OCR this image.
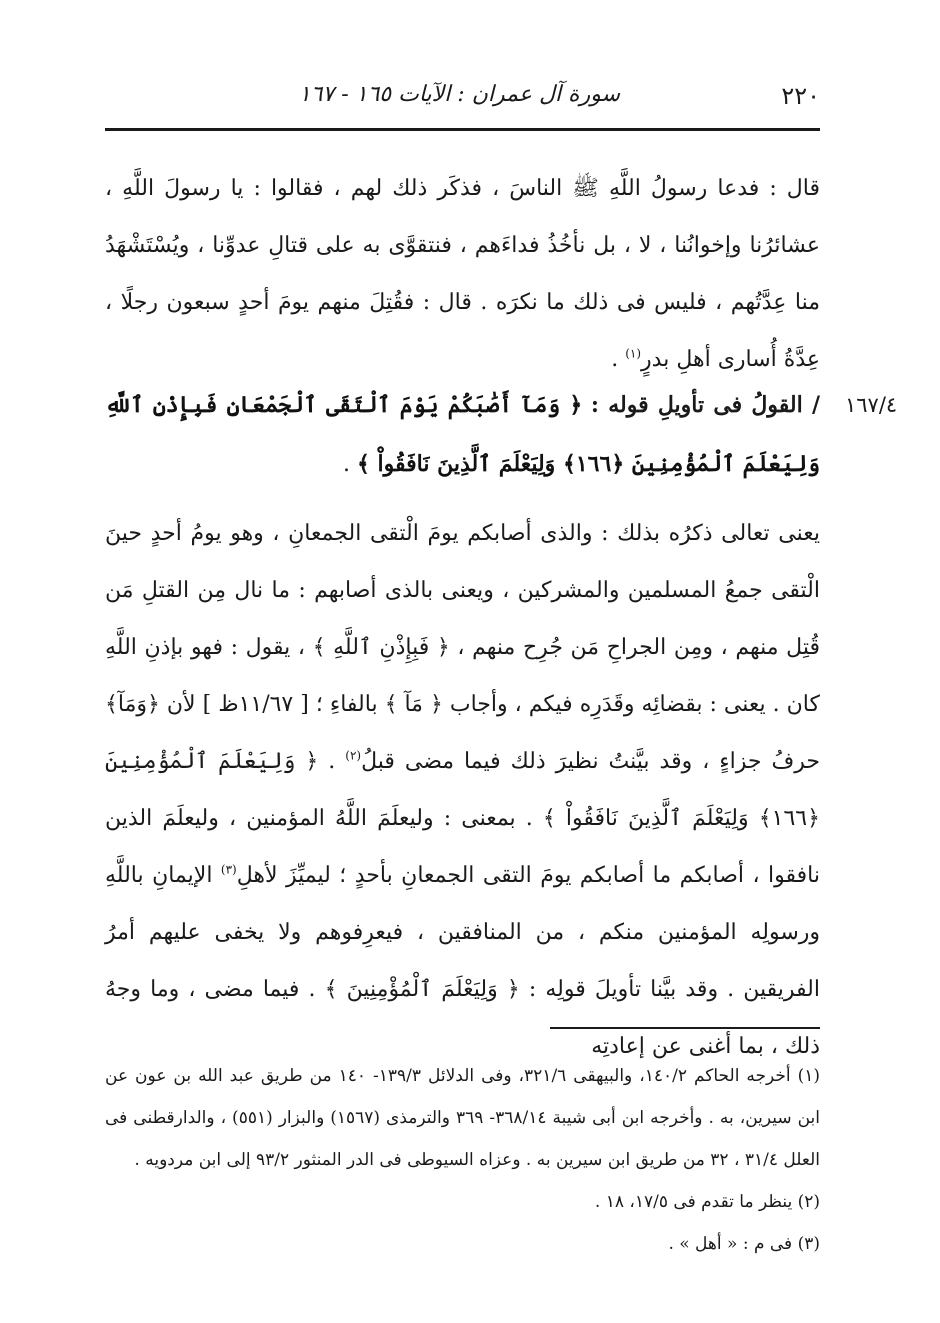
٢٢٠
سورة آل عمران : الآيات ١٦٥ - ١٦٧
قال : فدعا رسولُ اللَّهِ ﷺ الناسَ ، فذكَر ذلك لهم ، فقالوا : يا رسولَ اللَّهِ ، عشائرُنا وإخوانُنا ، لا ، بل نأخُذُ فداءَهم ، فنتقوَّى به على قتالِ عدوِّنا ، ويُسْتَشْهَدُ منا عِدَّتُهم ، فليس فى ذلك ما نكرَه . قال : فقُتِلَ منهم يومَ أحدٍ سبعون رجلًا ، عِدَّةُ أُسارى أهلِ بدرٍ$^{(١)}$ .
١٦٧/٤
/ القولُ فى تأويلِ قوله : ﴿ وَمَآ أَصَٰبَكُمْ يَوْمَ ٱلْتَقَى ٱلْجَمْعَانِ فَبِإِذْنِ ٱللَّهِ وَلِيَعْلَمَ ٱلْمُؤْمِنِينَ ﴿١٦٦﴾ وَلِيَعْلَمَ ٱلَّذِينَ نَافَقُواْ ﴾ .
يعنى تعالى ذكرُه بذلك : والذى أصابكم يومَ الْتقى الجمعانِ ، وهو يومُ أحدٍ حينَ الْتقى جمعُ المسلمين والمشركين ، ويعنى بالذى أصابهم : ما نال مِن القتلِ مَن قُتِل منهم ، ومِن الجراحِ مَن جُرِح منهم ، ﴿ فَبِإِذْنِ ٱللَّهِ ﴾ ، يقول : فهو بإذنِ اللَّهِ كان . يعنى : بقضائِه وقَدَرِه فيكم ، وأجاب ﴿ مَآ ﴾ بالفاءِ ؛ [ ١١/٦٧ظ ] لأن ﴿وَمَآ﴾ حرفُ جزاءٍ ، وقد بيَّنتُ نظيرَ ذلك فيما مضى قبلُ$^{(٢)}$ . ﴿ وَلِيَعْلَمَ ٱلْمُؤْمِنِينَ ﴿١٦٦﴾ وَلِيَعْلَمَ ٱلَّذِينَ نَافَقُواْ ﴾ . بمعنى : وليعلَمَ اللَّهُ المؤمنين ، وليعلَمَ الذين نافقوا ، أصابكم ما أصابكم يومَ التقى الجمعانِ بأحدٍ ؛ ليميِّزَ لأهلِ$^{(٣)}$ الإيمانِ باللَّهِ ورسولِه المؤمنين منكم ، من المنافقين ، فيعرِفوهم ولا يخفى عليهم أمرُ الفريقين . وقد بيَّنا تأويلَ قولِه : ﴿ وَلِيَعْلَمَ ٱلْمُؤْمِنِينَ ﴾ . فيما مضى ، وما وجهُ ذلك ، بما أغنى عن إعادتِه

(١) أخرجه الحاكم ١٤٠/٢، والبيهقى ٣٢١/٦، وفى الدلائل ١٣٩/٣- ١٤٠ من طريق عبد الله بن عون عن ابن سيرين، به . وأخرجه ابن أبى شيبة ٣٦٨/١٤- ٣٦٩ والترمذى (١٥٦٧) والبزار (٥٥١) ، والدارقطنى فى العلل ٣١/٤ ، ٣٢ من طريق ابن سيرين به . وعزاه السيوطى فى الدر المنثور ٩٣/٢ إلى ابن مردويه .

(٢) ينظر ما تقدم فى ١٧/٥، ١٨ .

(٣) فى م : « أهل » .
